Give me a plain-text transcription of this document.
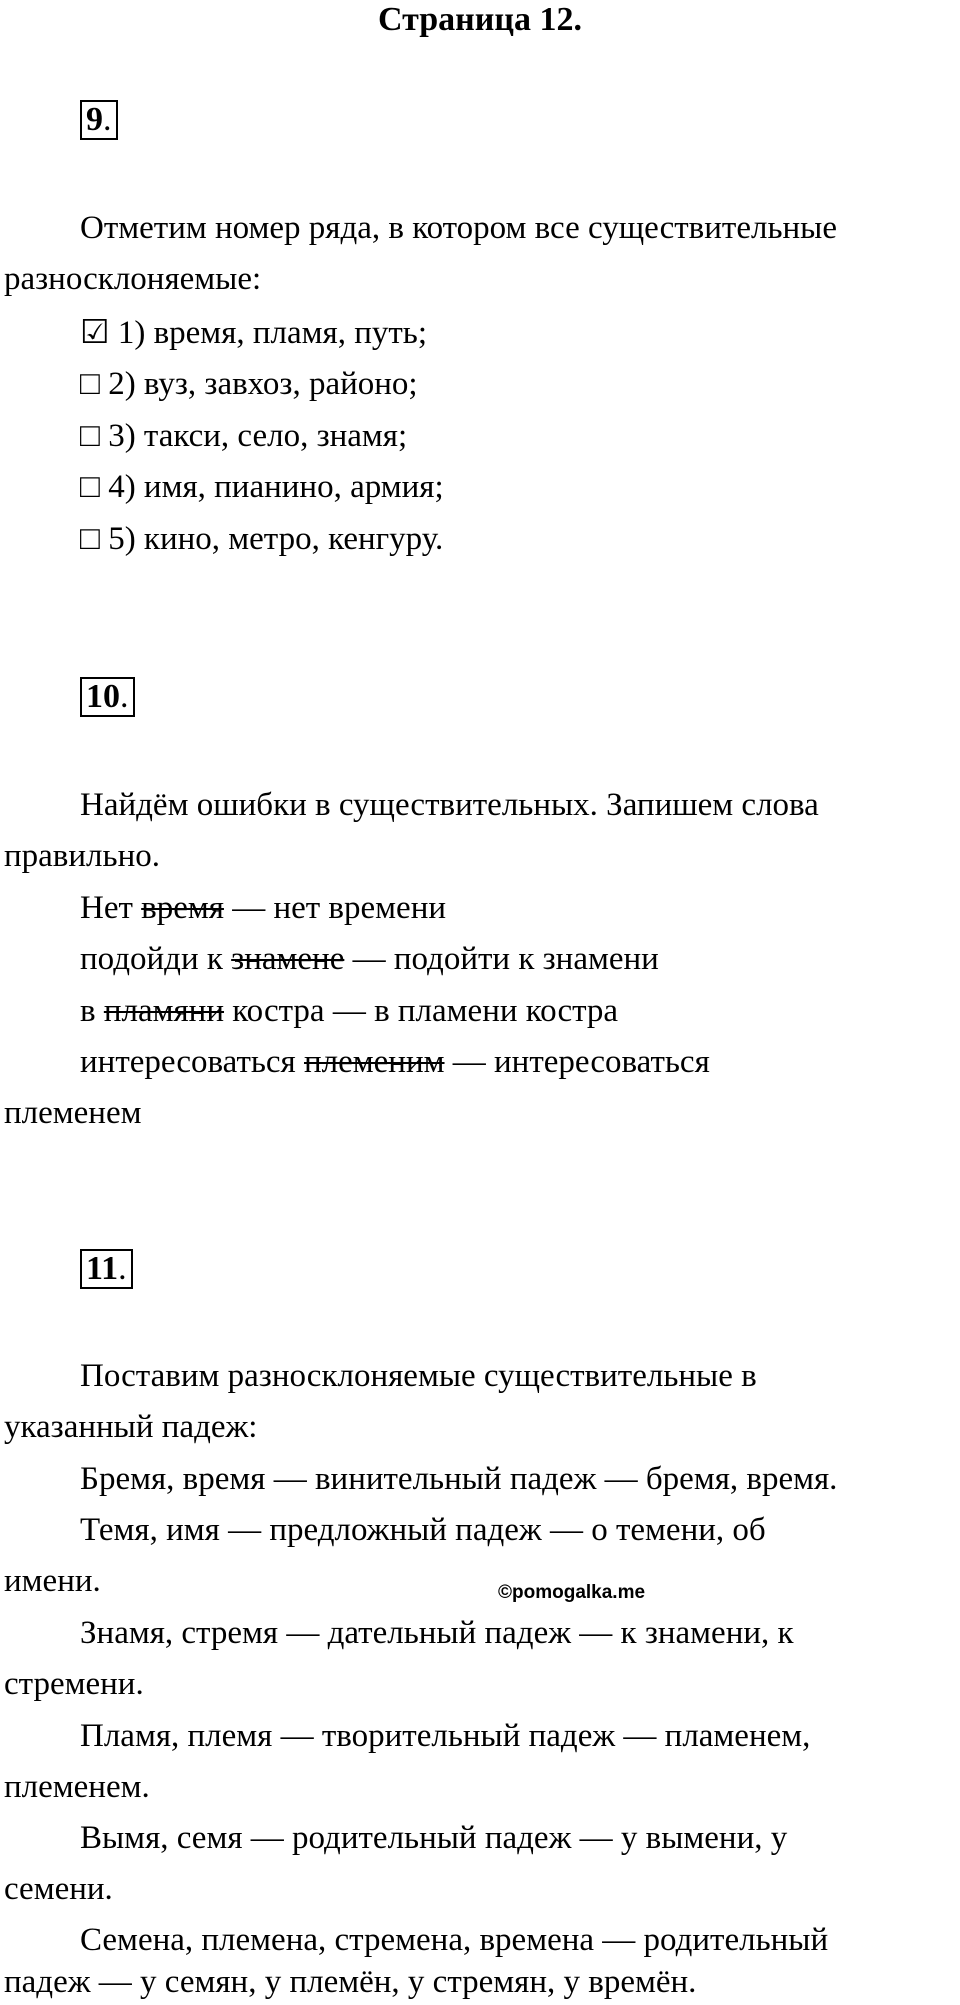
Страница 12.
9.
Отметим номер ряда, в котором все существительные
разносклоняемые:
☑ 1) время, пламя, путь;
□ 2) вуз, завхоз, районо;
□ 3) такси, село, знамя;
□ 4) имя, пианино, армия;
□ 5) кино, метро, кенгуру.
10.
Найдём ошибки в существительных. Запишем слова
правильно.
Нет время — нет времени
подойди к знамене — подойти к знамени
в пламяни костра — в пламени костра
интересоваться племеним — интересоваться
племенем
11.
Поставим разносклоняемые существительные в
указанный падеж:
Бремя, время — винительный падеж — бремя, время.
Темя, имя — предложный падеж — о темени, об
имени.
Знамя, стремя — дательный падеж — к знамени, к
стремени.
Пламя, племя — творительный падеж — пламенем,
племенем.
Вымя, семя — родительный падеж — у вымени, у
семени.
Семена, племена, стремена, времена — родительный
падеж — у семян, у племён, у стремян, у времён.
©pomogalka.me
